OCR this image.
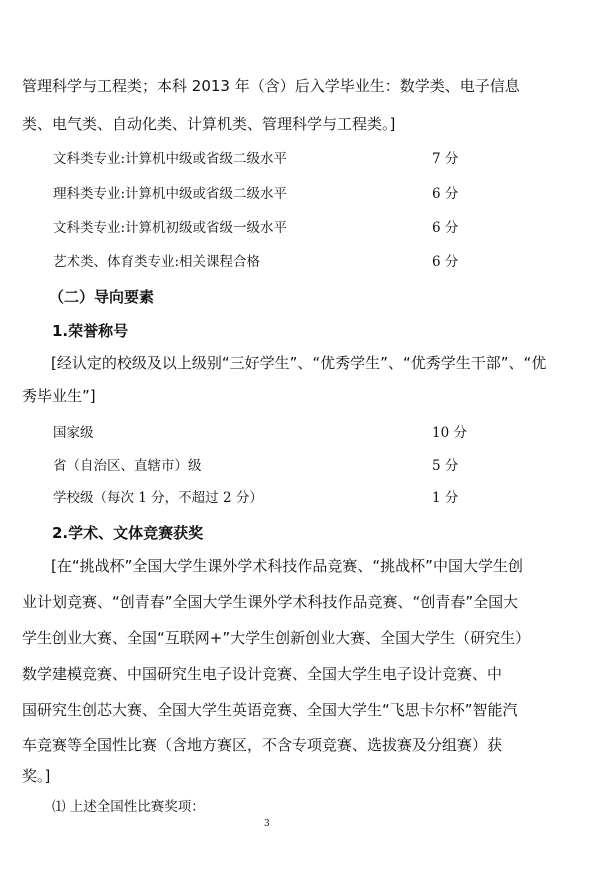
管理科学与工程类；本科 2013 年（含）后入学毕业生：数学类、电子信息
类、电气类、自动化类、计算机类、管理科学与工程类。]
文科类专业:计算机中级或省级二级水平	7 分
理科类专业:计算机中级或省级二级水平	6 分
文科类专业:计算机初级或省级一级水平	6 分
艺术类、体育类专业:相关课程合格	6 分
（二）导向要素
1.荣誉称号
[经认定的校级及以上级别“三好学生”、“优秀学生”、“优秀学生干部”、“优
秀毕业生”]
国家级	10 分
省（自治区、直辖市）级	5 分
学校级（每次 1 分，不超过 2 分）	1 分
2.学术、文体竞赛获奖
[在“挑战杯”全国大学生课外学术科技作品竞赛、“挑战杯”中国大学生创
业计划竞赛、“创青春”全国大学生课外学术科技作品竞赛、“创青春”全国大
学生创业大赛、全国“互联网+”大学生创新创业大赛、全国大学生（研究生）
数学建模竞赛、中国研究生电子设计竞赛、全国大学生电子设计竞赛、中
国研究生创芯大赛、全国大学生英语竞赛、全国大学生“飞思卡尔杯”智能汽
车竞赛等全国性比赛（含地方赛区，不含专项竞赛、选拔赛及分组赛）获
奖。]
⑴ 上述全国性比赛奖项：
3
